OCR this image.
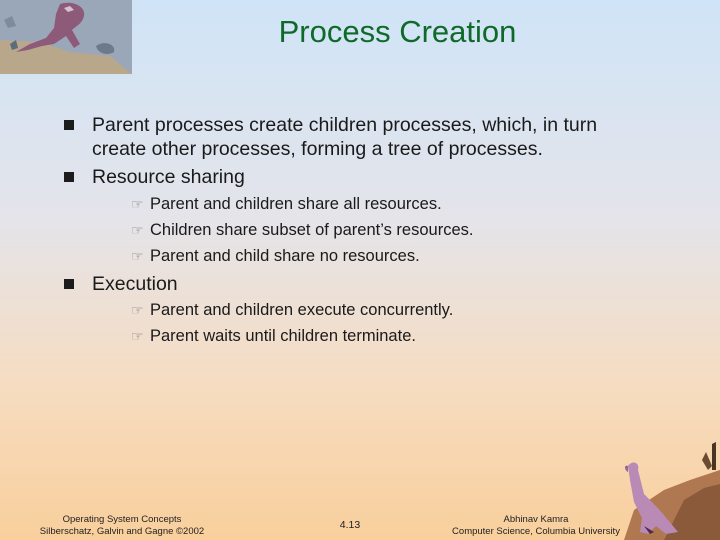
Process Creation
Parent processes create children processes, which, in turn create other processes, forming a tree of processes.
Resource sharing
☞ Parent and children share all resources.
☞ Children share subset of parent’s resources.
☞ Parent and child share no resources.
Execution
☞ Parent and children execute concurrently.
☞ Parent waits until children terminate.
Operating System Concepts
Silberschatz, Galvin and Gagne ©2002
4.13	Abhinav Kamra
Computer Science, Columbia University
